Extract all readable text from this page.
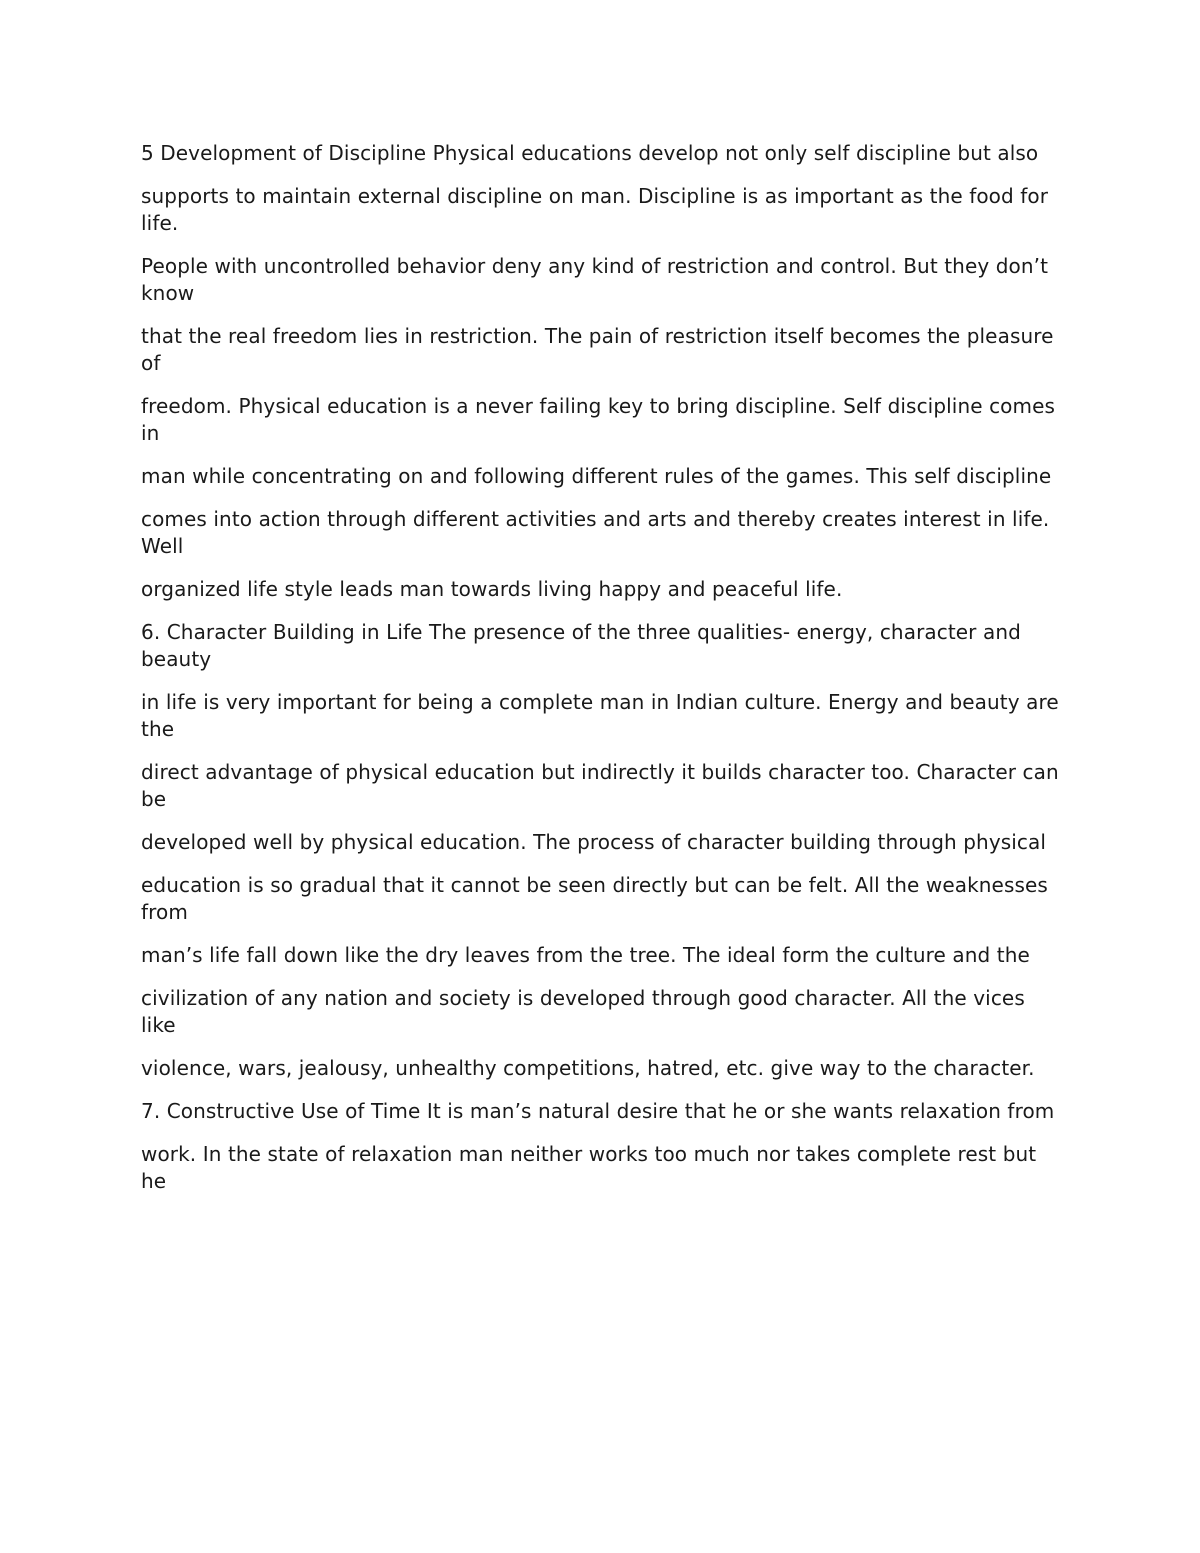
5 Development of Discipline Physical educations develop not only self discipline but also

supports to maintain external discipline on man. Discipline is as important as the food for life.

People with uncontrolled behavior deny any kind of restriction and control. But they don’t know

that the real freedom lies in restriction. The pain of restriction itself becomes the pleasure of

freedom. Physical education is a never failing key to bring discipline. Self discipline comes in

man while concentrating on and following different rules of the games. This self discipline

comes into action through different activities and arts and thereby creates interest in life. Well

organized life style leads man towards living happy and peaceful life.

6. Character Building in Life The presence of the three qualities- energy, character and beauty

in life is very important for being a complete man in Indian culture. Energy and beauty are the

direct advantage of physical education but indirectly it builds character too. Character can be

developed well by physical education. The process of character building through physical

education is so gradual that it cannot be seen directly but can be felt. All the weaknesses from

man’s life fall down like the dry leaves from the tree. The ideal form the culture and the

civilization of any nation and society is developed through good character. All the vices like

violence, wars, jealousy, unhealthy competitions, hatred, etc. give way to the character.

7. Constructive Use of Time It is man’s natural desire that he or she wants relaxation from

work. In the state of relaxation man neither works too much nor takes complete rest but he
